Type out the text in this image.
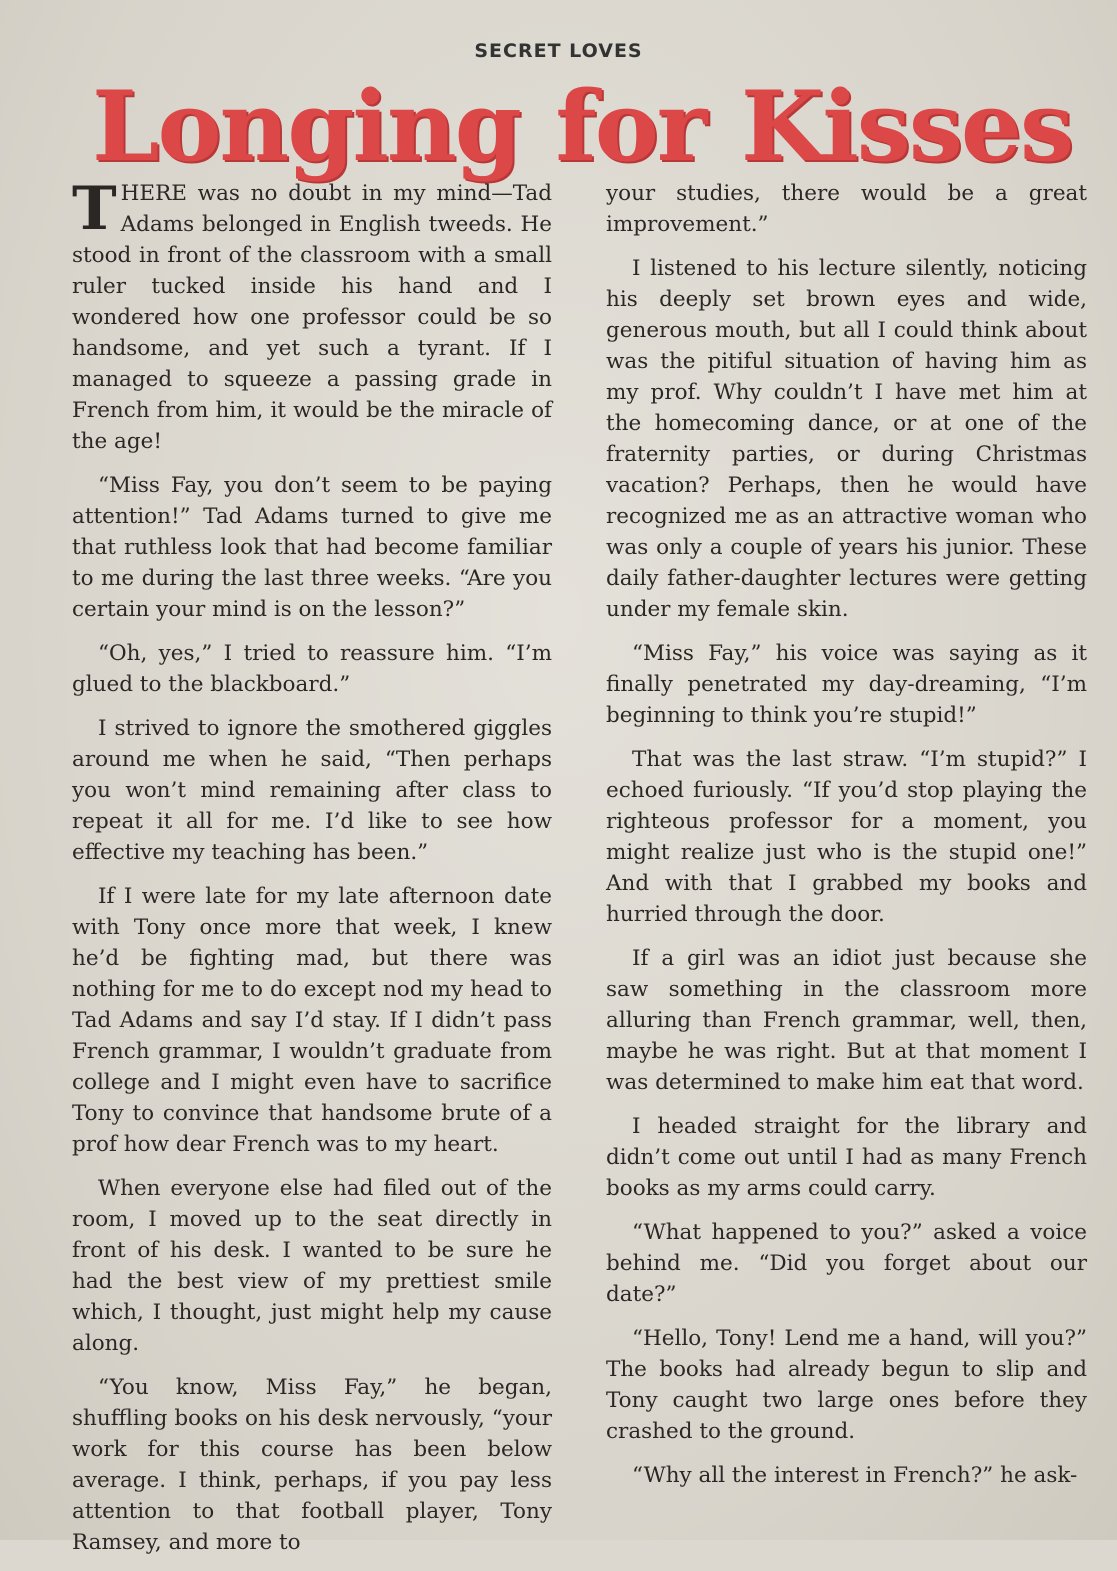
SECRET LOVES
Longing for Kisses

THERE was no doubt in my mind—Tad Adams belonged in English tweeds. He stood in front of the classroom with a small ruler tucked inside his hand and I wondered how one professor could be so handsome, and yet such a tyrant. If I managed to squeeze a passing grade in French from him, it would be the miracle of the age!

“Miss Fay, you don’t seem to be paying attention!” Tad Adams turned to give me that ruthless look that had become familiar to me during the last three weeks. “Are you certain your mind is on the lesson?”

“Oh, yes,” I tried to reassure him. “I’m glued to the blackboard.”

I strived to ignore the smothered giggles around me when he said, “Then perhaps you won’t mind remaining after class to repeat it all for me. I’d like to see how effective my teaching has been.”

If I were late for my late afternoon date with Tony once more that week, I knew he’d be fighting mad, but there was nothing for me to do except nod my head to Tad Adams and say I’d stay. If I didn’t pass French grammar, I wouldn’t graduate from college and I might even have to sacrifice Tony to convince that handsome brute of a prof how dear French was to my heart.

When everyone else had filed out of the room, I moved up to the seat directly in front of his desk. I wanted to be sure he had the best view of my prettiest smile which, I thought, just might help my cause along.

“You know, Miss Fay,” he began, shuffling books on his desk nervously, “your work for this course has been below average. I think, perhaps, if you pay less attention to that football player, Tony Ramsey, and more to

your studies, there would be a great improvement.”

I listened to his lecture silently, noticing his deeply set brown eyes and wide, generous mouth, but all I could think about was the pitiful situation of having him as my prof. Why couldn’t I have met him at the homecoming dance, or at one of the fraternity parties, or during Christmas vacation? Perhaps, then he would have recognized me as an attractive woman who was only a couple of years his junior. These daily father-daughter lectures were getting under my female skin.

“Miss Fay,” his voice was saying as it finally penetrated my day-dreaming, “I’m beginning to think you’re stupid!”

That was the last straw. “I’m stupid?” I echoed furiously. “If you’d stop playing the righteous professor for a moment, you might realize just who is the stupid one!” And with that I grabbed my books and hurried through the door.

If a girl was an idiot just because she saw something in the classroom more alluring than French grammar, well, then, maybe he was right. But at that moment I was determined to make him eat that word.

I headed straight for the library and didn’t come out until I had as many French books as my arms could carry.

“What happened to you?” asked a voice behind me. “Did you forget about our date?”

“Hello, Tony! Lend me a hand, will you?” The books had already begun to slip and Tony caught two large ones before they crashed to the ground.

“Why all the interest in French?” he ask-
